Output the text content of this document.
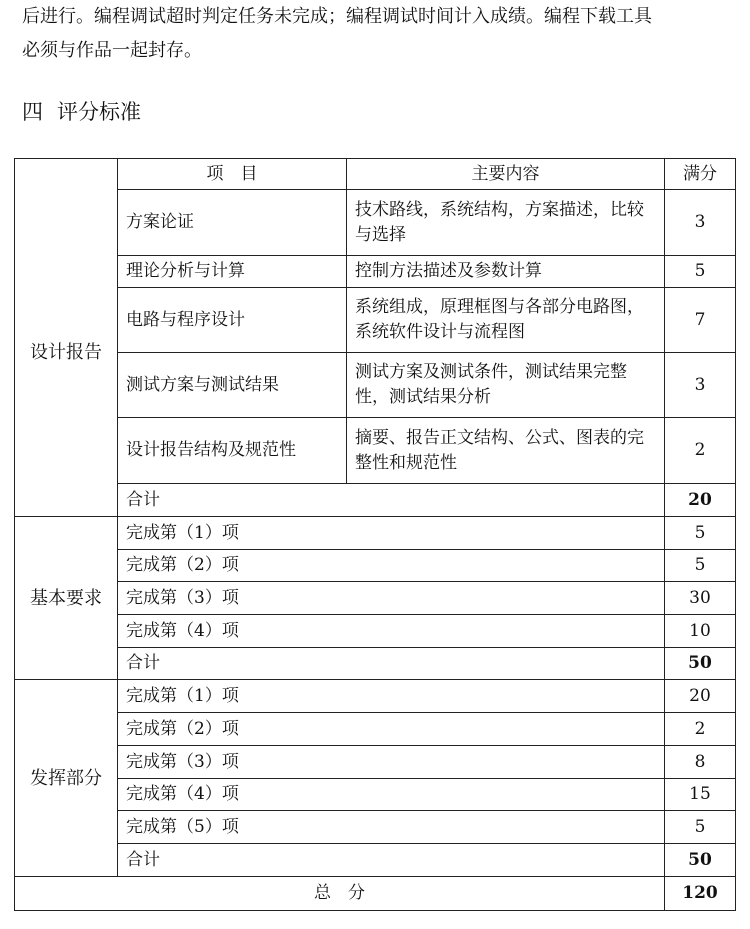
后进行。编程调试超时判定任务未完成；编程调试时间计入成绩。编程下载工具
必须与作品一起封存。

四 评分标准
	项　目	主要内容	满分
设计报告	方案论证	技术路线，系统结构，方案描述，比较与选择	3
	理论分析与计算	控制方法描述及参数计算	5
	电路与程序设计	系统组成，原理框图与各部分电路图，系统软件设计与流程图	7
	测试方案与测试结果	测试方案及测试条件，测试结果完整性，测试结果分析	3
	设计报告结构及规范性	摘要、报告正文结构、公式、图表的完整性和规范性	2
	合计		20
基本要求	完成第（1）项		5
	完成第（2）项		5
	完成第（3）项		30
	完成第（4）项		10
	合计		50
发挥部分	完成第（1）项		20
	完成第（2）项		2
	完成第（3）项		8
	完成第（4）项		15
	完成第（5）项		5
	合计		50
总　分			120
